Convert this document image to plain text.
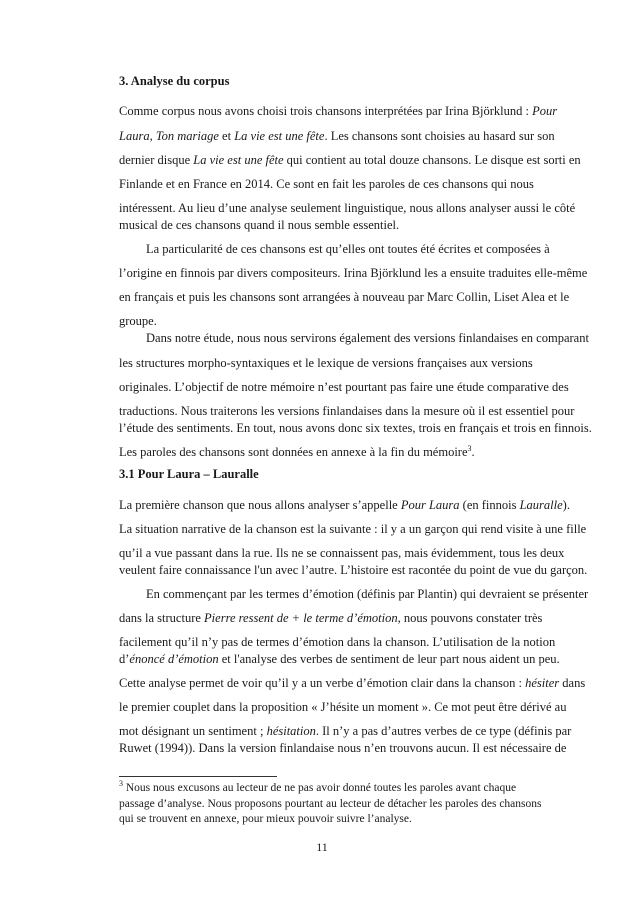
3. Analyse du corpus
Comme corpus nous avons choisi trois chansons interprétées par Irina Björklund : Pour
Laura, Ton mariage et La vie est une fête. Les chansons sont choisies au hasard sur son
dernier disque La vie est une fête qui contient au total douze chansons. Le disque est sorti en
Finlande et en France en 2014. Ce sont en fait les paroles de ces chansons qui nous
intéressent. Au lieu d’une analyse seulement linguistique, nous allons analyser aussi le côté
musical de ces chansons quand il nous semble essentiel.
La particularité de ces chansons est qu’elles ont toutes été écrites et composées à
l’origine en finnois par divers compositeurs. Irina Björklund les a ensuite traduites elle-même
en français et puis les chansons sont arrangées à nouveau par Marc Collin, Liset Alea et le
groupe.
Dans notre étude, nous nous servirons également des versions finlandaises en comparant
les structures morpho-syntaxiques et le lexique de versions françaises aux versions
originales. L’objectif de notre mémoire n’est pourtant pas faire une étude comparative des
traductions. Nous traiterons les versions finlandaises dans la mesure où il est essentiel pour
l’étude des sentiments. En tout, nous avons donc six textes, trois en français et trois en finnois.
Les paroles des chansons sont données en annexe à la fin du mémoire$^3$.
3.1 Pour Laura – Lauralle
La première chanson que nous allons analyser s’appelle Pour Laura (en finnois Lauralle).
La situation narrative de la chanson est la suivante : il y a un garçon qui rend visite à une fille
qu’il a vue passant dans la rue. Ils ne se connaissent pas, mais évidemment, tous les deux
veulent faire connaissance l'un avec l’autre. L’histoire est racontée du point de vue du garçon.
En commençant par les termes d’émotion (définis par Plantin) qui devraient se présenter
dans la structure Pierre ressent de + le terme d’émotion, nous pouvons constater très
facilement qu’il n’y pas de termes d’émotion dans la chanson. L’utilisation de la notion
d’énoncé d’émotion et l'analyse des verbes de sentiment de leur part nous aident un peu.
Cette analyse permet de voir qu’il y a un verbe d’émotion clair dans la chanson : hésiter dans
le premier couplet dans la proposition « J’hésite un moment ». Ce mot peut être dérivé au
mot désignant un sentiment ; hésitation. Il n’y a pas d’autres verbes de ce type (définis par
Ruwet (1994)). Dans la version finlandaise nous n’en trouvons aucun. Il est nécessaire de
$^3$ Nous nous excusons au lecteur de ne pas avoir donné toutes les paroles avant chaque
passage d’analyse. Nous proposons pourtant au lecteur de détacher les paroles des chansons
qui se trouvent en annexe, pour mieux pouvoir suivre l’analyse.
11
